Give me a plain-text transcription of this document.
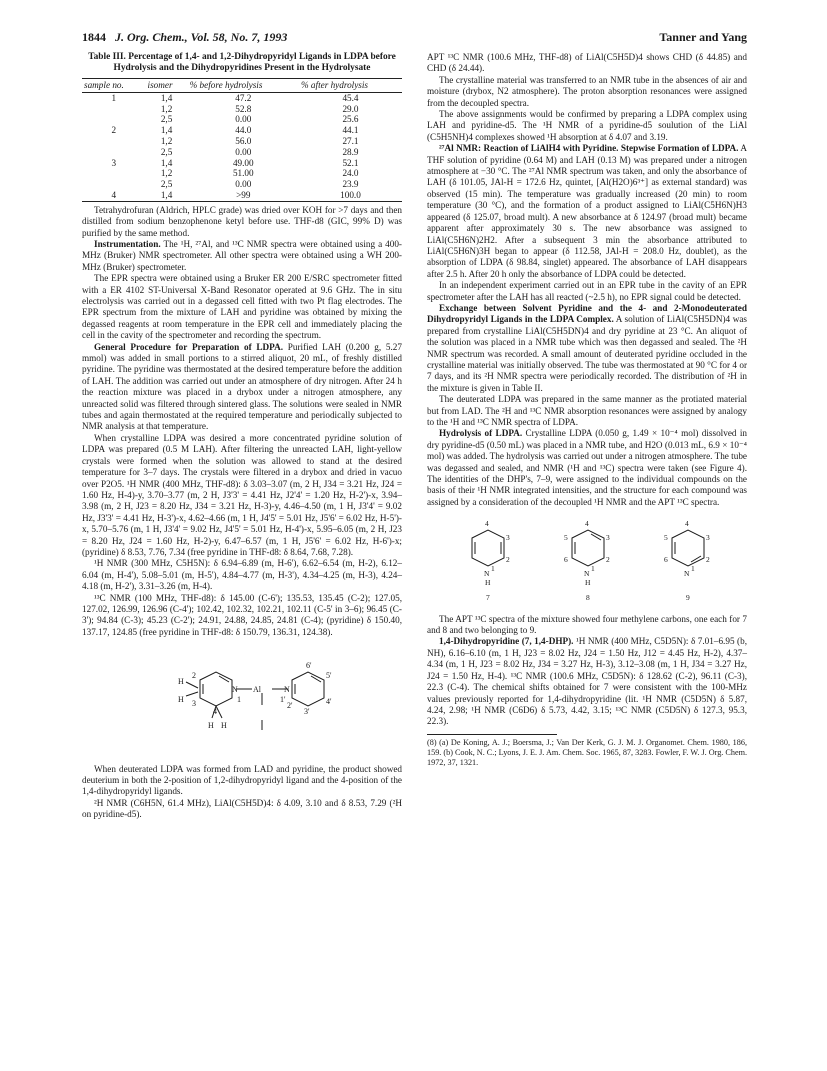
1844 J. Org. Chem., Vol. 58, No. 7, 1993	Tanner and Yang
Table III. Percentage of 1,4- and 1,2-Dihydropyridyl Ligands in LDPA before Hydrolysis and the Dihydropyridines Present in the Hydrolysate
sample no.	isomer	% before hydrolysis	% after hydrolysis
1	1,4	47.2	45.4
	1,2	52.8	29.0
	2,5	0.00	25.6
2	1,4	44.0	44.1
	1,2	56.0	27.1
	2,5	0.00	28.9
3	1,4	49.00	52.1
	1,2	51.00	24.0
	2,5	0.00	23.9
4	1,4	>99	100.0

Tetrahydrofuran (Aldrich, HPLC grade) was dried over KOH for >7 days and then distilled from sodium benzophenone ketyl before use. THF-d8 (GIC, 99% D) was purified by the same method.

Instrumentation. The ¹H, ²⁷Al, and ¹³C NMR spectra were obtained using a 400-MHz (Bruker) NMR spectrometer. All other spectra were obtained using a WH 200-MHz (Bruker) spectrometer.

The EPR spectra were obtained using a Bruker ER 200 E/SRC spectrometer fitted with a ER 4102 ST-Universal X-Band Resonator operated at 9.6 GHz. The in situ electrolysis was carried out in a degassed cell fitted with two Pt flag electrodes. The EPR spectrum from the mixture of LAH and pyridine was obtained by mixing the degassed reagents at room temperature in the EPR cell and immediately placing the cell in the cavity of the spectrometer and recording the spectrum.

General Procedure for Preparation of LDPA. Purified LAH (0.200 g, 5.27 mmol) was added in small portions to a stirred aliquot, 20 mL, of freshly distilled pyridine. The pyridine was thermostated at the desired temperature before the addition of LAH. The addition was carried out under an atmosphere of dry nitrogen. After 24 h the reaction mixture was placed in a drybox under a nitrogen atmosphere, any unreacted solid was filtered through sintered glass. The solutions were sealed in NMR tubes and again thermostated at the required temperature and periodically subjected to NMR analysis at that temperature.

When crystalline LDPA was desired a more concentrated pyridine solution of LDPA was prepared (0.5 M LAH). After filtering the unreacted LAH, light-yellow crystals were formed when the solution was allowed to stand at the desired temperature for 3–7 days. The crystals were filtered in a drybox and dried in vacuo over P2O5. ¹H NMR (400 MHz, THF-d8): δ 3.03–3.07 (m, 2 H, J34 = 3.21 Hz, J24 = 1.60 Hz, H-4)-y, 3.70–3.77 (m, 2 H, J3'3' = 4.41 Hz, J2'4' = 1.20 Hz, H-2')-x, 3.94–3.98 (m, 2 H, J23 = 8.20 Hz, J34 = 3.21 Hz, H-3)-y, 4.46–4.50 (m, 1 H, J3'4' = 9.02 Hz, J3'3' = 4.41 Hz, H-3')-x, 4.62–4.66 (m, 1 H, J4'5' = 5.01 Hz, J5'6' = 6.02 Hz, H-5')-x, 5.70–5.76 (m, 1 H, J3'4' = 9.02 Hz, J4'5' = 5.01 Hz, H-4')-x, 5.95–6.05 (m, 2 H, J23 = 8.20 Hz, J24 = 1.60 Hz, H-2)-y, 6.47–6.57 (m, 1 H, J5'6' = 6.02 Hz, H-6')-x; (pyridine) δ 8.53, 7.76, 7.34 (free pyridine in THF-d8: δ 8.64, 7.68, 7.28).

¹H NMR (300 MHz, C5H5N): δ 6.94–6.89 (m, H-6'), 6.62–6.54 (m, H-2), 6.12–6.04 (m, H-4'), 5.08–5.01 (m, H-5'), 4.84–4.77 (m, H-3'), 4.34–4.25 (m, H-3), 4.24–4.18 (m, H-2'), 3.31–3.26 (m, H-4).

¹³C NMR (100 MHz, THF-d8): δ 145.00 (C-6'); 135.53, 135.45 (C-2); 127.05, 127.02, 126.99, 126.96 (C-4'); 102.42, 102.32, 102.21, 102.11 (C-5' in 3–6); 96.45 (C-3'); 94.84 (C-3); 45.23 (C-2'); 24.91, 24.88, 24.85, 24.81 (C-4); (pyridine) δ 150.40, 137.17, 124.85 (free pyridine in THF-d8: δ 150.79, 136.31, 124.38).

H
H
N Al	N
1	1'
2'
3'
4'
5'
6'
2
3
4
H H

When deuterated LDPA was formed from LAD and pyridine, the product showed deuterium in both the 2-position of 1,2-dihydropyridyl ligand and the 4-position of the 1,4-dihydropyridyl ligands.

²H NMR (C6H5N, 61.4 MHz), LiAl(C5H5D)4: δ 4.09, 3.10 and δ 8.53, 7.29 (²H on pyridine-d5).

APT ¹³C NMR (100.6 MHz, THF-d8) of LiAl(C5H5D)4 shows CHD (δ 44.85) and CHD (δ 24.44).

The crystalline material was transferred to an NMR tube in the absences of air and moisture (drybox, N2 atmosphere). The proton absorption resonances were assigned from the decoupled spectra.

The above assignments would be confirmed by preparing a LDPA complex using LAH and pyridine-d5. The ¹H NMR of a pyridine-d5 soulution of the LiAl (C5H5NH)4 complexes showed ¹H absorption at δ 4.07 and 3.19.

²⁷Al NMR: Reaction of LiAlH4 with Pyridine. Stepwise Formation of LDPA. A THF solution of pyridine (0.64 M) and LAH (0.13 M) was prepared under a nitrogen atmosphere at −30 °C. The ²⁷Al NMR spectrum was taken, and only the absorbance of LAH (δ 101.05, JAl-H = 172.6 Hz, quintet, [Al(H2O)6³⁺] as external standard) was observed (15 min). The temperature was gradually increased (20 min) to room temperature (30 °C), and the formation of a product assigned to LiAl(C5H6N)H3 appeared (δ 125.07, broad mult). A new absorbance at δ 124.97 (broad mult) became apparent after approximately 30 s. The new absorbance was assigned to LiAl(C5H6N)2H2. After a subsequent 3 min the absorbance attributed to LiAl(C5H6N)3H began to appear (δ 112.58, JAl-H = 208.0 Hz, doublet), as the absorption of LDPA (δ 98.84, singlet) appeared. The absorbance of LAH disappears after 2.5 h. After 20 h only the absorbance of LDPA could be detected.

In an independent experiment carried out in an EPR tube in the cavity of an EPR spectrometer after the LAH has all reacted (~2.5 h), no EPR signal could be detected.

Exchange between Solvent Pyridine and the 4- and 2-Monodeuterated Dihydropyridyl Ligands in the LDPA Complex. A solution of LiAl(C5H5DN)4 was prepared from crystalline LiAl(C5H5DN)4 and dry pyridine at 23 °C. An aliquot of the solution was placed in a NMR tube which was then degassed and sealed. The ²H NMR spectrum was recorded. A small amount of deuterated pyridine occluded in the crystalline material was initially observed. The tube was thermostated at 90 °C for 4 or 7 days, and its ²H NMR spectra were periodically recorded. The distribution of ²H in the mixture is given in Table II.

The deuterated LDPA was prepared in the same manner as the protiated material but from LAD. The ²H and ¹³C NMR absorption resonances were assigned by analogy to the ¹H and ¹³C NMR spectra of LDPA.

Hydrolysis of LDPA. Crystalline LDPA (0.050 g, 1.49 × 10⁻⁴ mol) dissolved in dry pyridine-d5 (0.50 mL) was placed in a NMR tube, and H2O (0.013 mL, 6.9 × 10⁻⁴ mol) was added. The hydrolysis was carried out under a nitrogen atmosphere. The tube was degassed and sealed, and NMR (¹H and ¹³C) spectra were taken (see Figure 4). The identities of the DHP's, 7–9, were assigned to the individual compounds on the basis of their ¹H NMR integrated intensities, and the structure for each compound was assigned by a consideration of the decoupled ¹H NMR and the APT ¹³C spectra.

N
H
1
2
3
4
7
N
H
1
2
3
4
5
6
8
N
1
2
3
4
5
6
9

The APT ¹³C spectra of the mixture showed four methylene carbons, one each for 7 and 8 and two belonging to 9.

1,4-Dihydropyridine (7, 1,4-DHP). ¹H NMR (400 MHz, C5D5N): δ 7.01–6.95 (b, NH), 6.16–6.10 (m, 1 H, J23 = 8.02 Hz, J24 = 1.50 Hz, J12 = 4.45 Hz, H-2), 4.37–4.34 (m, 1 H, J23 = 8.02 Hz, J34 = 3.27 Hz, H-3), 3.12–3.08 (m, 1 H, J34 = 3.27 Hz, J24 = 1.50 Hz, H-4). ¹³C NMR (100.6 MHz, C5D5N): δ 128.62 (C-2), 96.11 (C-3), 22.3 (C-4). The chemical shifts obtained for 7 were consistent with the 100-MHz values previously reported for 1,4-dihydropyridine (lit. ¹H NMR (C5D5N) δ 5.87, 4.24, 2.98; ¹H NMR (C6D6) δ 5.73, 4.42, 3.15; ¹³C NMR (C5D5N) δ 127.3, 95.3, 22.3).

(8) (a) De Koning, A. J.; Boersma, J.; Van Der Kerk, G. J. M. J. Organomet. Chem. 1980, 186, 159. (b) Cook, N. C.; Lyons, J. E. J. Am. Chem. Soc. 1965, 87, 3283. Fowler, F. W. J. Org. Chem. 1972, 37, 1321.
